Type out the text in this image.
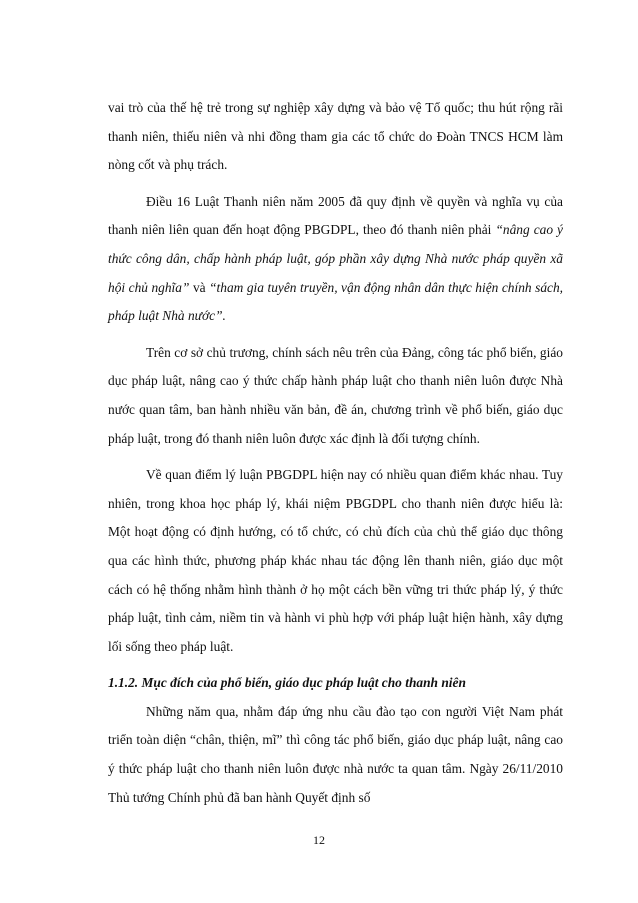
vai trò của thế hệ trẻ trong sự nghiệp xây dựng và bảo vệ Tổ quốc; thu hút rộng rãi thanh niên, thiếu niên và nhi đồng tham gia các tổ chức do Đoàn TNCS HCM làm nòng cốt và phụ trách.

Điều 16 Luật Thanh niên năm 2005 đã quy định về quyền và nghĩa vụ của thanh niên liên quan đến hoạt động PBGDPL, theo đó thanh niên phải “nâng cao ý thức công dân, chấp hành pháp luật, góp phần xây dựng Nhà nước pháp quyền xã hội chủ nghĩa” và “tham gia tuyên truyền, vận động nhân dân thực hiện chính sách, pháp luật Nhà nước”.

Trên cơ sở chủ trương, chính sách nêu trên của Đảng, công tác phổ biến, giáo dục pháp luật, nâng cao ý thức chấp hành pháp luật cho thanh niên luôn được Nhà nước quan tâm, ban hành nhiều văn bản, đề án, chương trình về phổ biến, giáo dục pháp luật, trong đó thanh niên luôn được xác định là đối tượng chính.

Về quan điểm lý luận PBGDPL hiện nay có nhiều quan điểm khác nhau. Tuy nhiên, trong khoa học pháp lý, khái niệm PBGDPL cho thanh niên được hiểu là: Một hoạt động có định hướng, có tổ chức, có chủ đích của chủ thể giáo dục thông qua các hình thức, phương pháp khác nhau tác động lên thanh niên, giáo dục một cách có hệ thống nhằm hình thành ở họ một cách bền vững tri thức pháp lý, ý thức pháp luật, tình cảm, niềm tin và hành vi phù hợp với pháp luật hiện hành, xây dựng lối sống theo pháp luật.

1.1.2. Mục đích của phổ biến, giáo dục pháp luật cho thanh niên

Những năm qua, nhằm đáp ứng nhu cầu đào tạo con người Việt Nam phát triển toàn diện “chân, thiện, mĩ” thì công tác phổ biến, giáo dục pháp luật, nâng cao ý thức pháp luật cho thanh niên luôn được nhà nước ta quan tâm. Ngày 26/11/2010 Thủ tướng Chính phủ đã ban hành Quyết định số

12
